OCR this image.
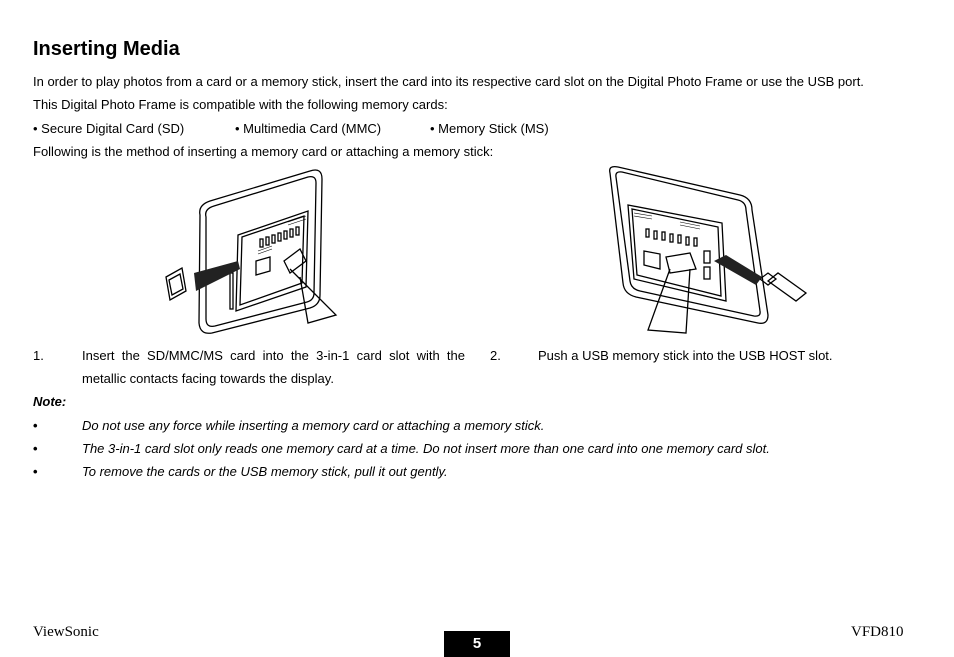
Inserting Media
In order to play photos from a card or a memory stick, insert the card into its respective card slot on the Digital Photo Frame or use the USB port.
This Digital Photo Frame is compatible with the following memory cards:
• Secure Digital Card (SD)	• Multimedia Card (MMC)	• Memory Stick (MS)
Following is the method of inserting a memory card or attaching a memory stick:
1.	Insert the SD/MMC/MS card into the 3-in-1 card slot with the
metallic contacts facing towards the display.
2.	Push a USB memory stick into the USB HOST slot.
Note:
•	Do not use any force while inserting a memory card or attaching a memory stick.
•	The 3-in-1 card slot only reads one memory card at a time. Do not insert more than one card into one memory card slot.
•	To remove the cards or the USB memory stick, pull it out gently.
ViewSonic
5
VFD810
